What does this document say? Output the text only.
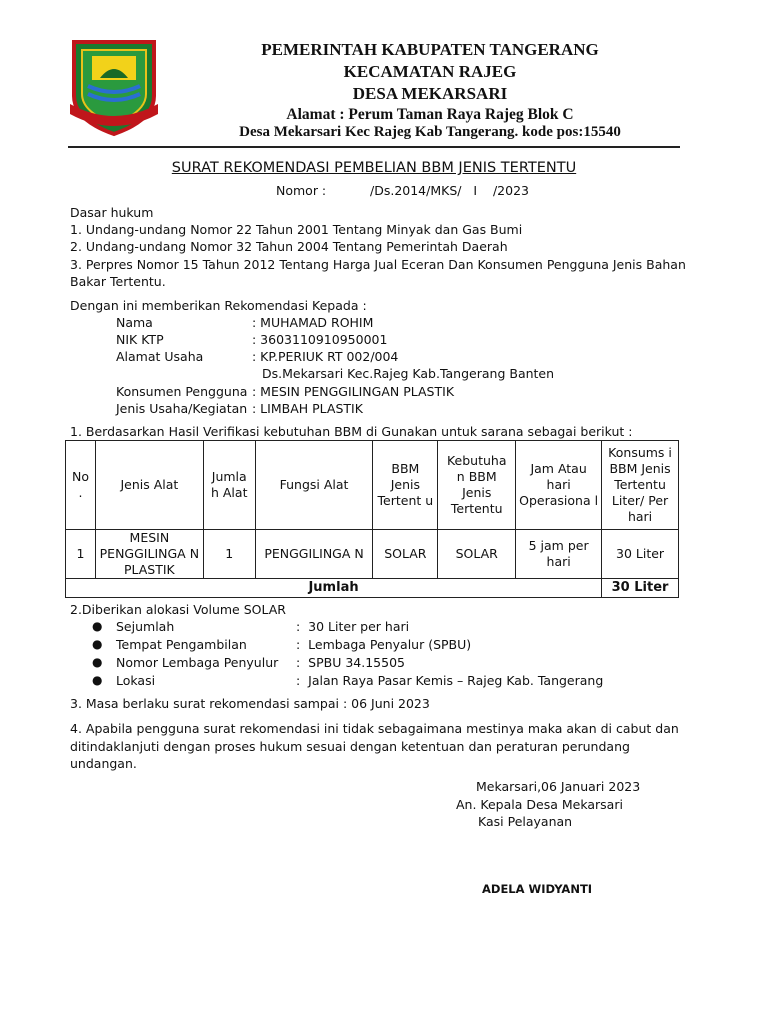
PEMERINTAH KABUPATEN TANGERANG
KECAMATAN RAJEG
DESA MEKARSARI
Alamat : Perum Taman Raya Rajeg Blok C
Desa Mekarsari Kec Rajeg Kab Tangerang. kode pos:15540
SURAT REKOMENDASI PEMBELIAN BBM JENIS TERTENTU
Nomor :	/Ds.2014/MKS/   I    /2023
Dasar hukum
1. Undang-undang Nomor 22 Tahun 2001 Tentang Minyak dan Gas Bumi
2. Undang-undang Nomor 32 Tahun 2004 Tentang Pemerintah Daerah
3. Perpres Nomor 15 Tahun 2012 Tentang Harga Jual Eceran Dan Konsumen Pengguna Jenis Bahan
Bakar Tertentu.
Dengan ini memberikan Rekomendasi Kepada :
Nama	: MUHAMAD ROHIM
NIK KTP	: 3603110910950001
Alamat Usaha	: KP.PERIUK RT 002/004
Ds.Mekarsari Kec.Rajeg Kab.Tangerang Banten
Konsumen Pengguna : MESIN PENGGILINGAN PLASTIK
Jenis Usaha/Kegiatan : LIMBAH PLASTIK
1. Berdasarkan Hasil Verifikasi kebutuhan BBM di Gunakan untuk sarana sebagai berikut :
No .	Jenis Alat	Jumla h Alat	Fungsi Alat	BBM Jenis Tertent u	Kebutuha n BBM Jenis Tertentu	Jam Atau hari Operasiona l	Konsums i BBM Jenis Tertentu Liter/ Per hari
1	MESIN PENGGILINGA N PLASTIK	1	PENGGILINGA N	SOLAR	SOLAR	5 jam per hari	30 Liter
Jumlah							30 Liter
2.Diberikan alokasi Volume SOLAR
● Sejumlah	:  30 Liter per hari
● Tempat Pengambilan	:  Lembaga Penyalur (SPBU)
● Nomor Lembaga Penyulur :  SPBU 34.15505
● Lokasi	:  Jalan Raya Pasar Kemis – Rajeg Kab. Tangerang
3. Masa berlaku surat rekomendasi sampai : 06 Juni 2023
4. Apabila pengguna surat rekomendasi ini tidak sebagaimana mestinya maka akan di cabut dan
ditindaklanjuti dengan proses hukum sesuai dengan ketentuan dan peraturan perundang
undangan.
Mekarsari,06 Januari 2023
An. Kepala Desa Mekarsari
Kasi Pelayanan
ADELA WIDYANTI
